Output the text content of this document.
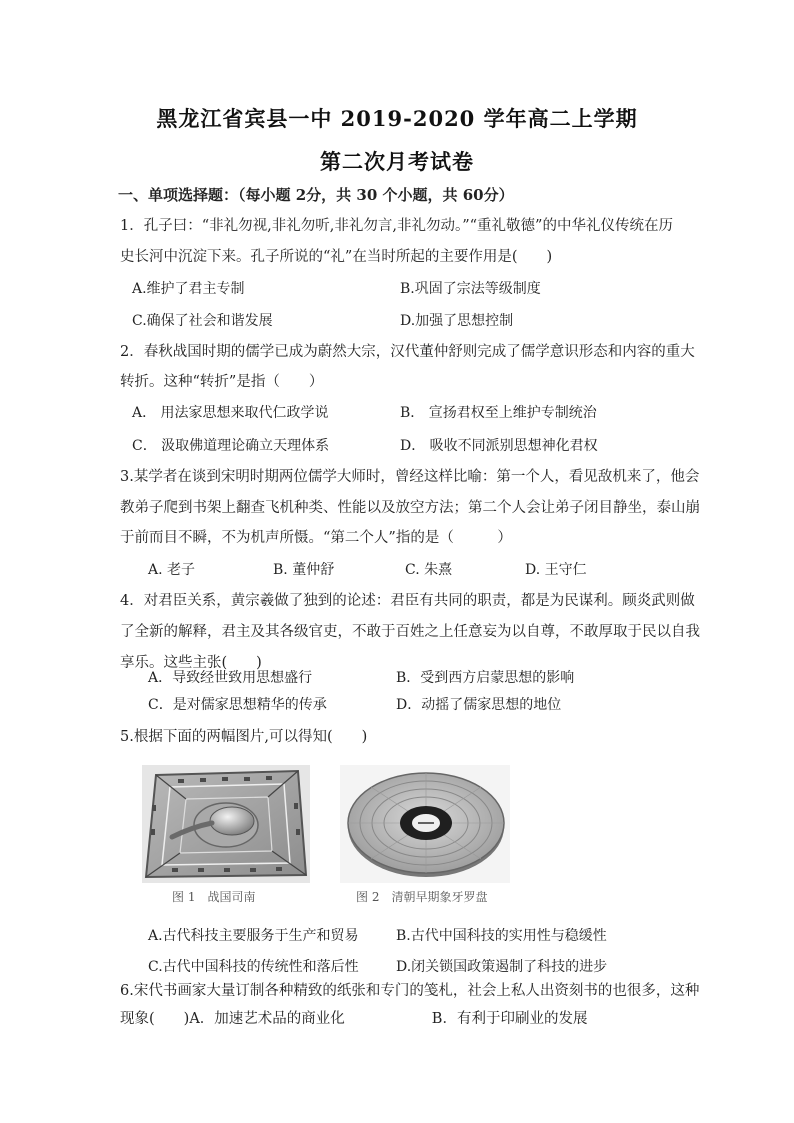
黑龙江省宾县一中 2019-2020 学年高二上学期
第二次月考试卷
一、单项选择题：（每小题 2分，共 30 个小题，共 60分）
1．孔子曰：“非礼勿视,非礼勿听,非礼勿言,非礼勿动。”“重礼敬德”的中华礼仪传统在历
史长河中沉淀下来。孔子所说的“礼”在当时所起的主要作用是(　　)
A.维护了君主专制	B.巩固了宗法等级制度
C.确保了社会和谐发展	D.加强了思想控制
2．春秋战国时期的儒学已成为蔚然大宗，汉代董仲舒则完成了儒学意识形态和内容的重大
转折。这种“转折”是指（　　）
A． 用法家思想来取代仁政学说	B． 宣扬君权至上维护专制统治
C． 汲取佛道理论确立天理体系	D． 吸收不同派别思想神化君权
3.某学者在谈到宋明时期两位儒学大师时，曾经这样比喻：第一个人，看见敌机来了，他会
教弟子爬到书架上翻查飞机种类、性能以及放空方法；第二个人会让弟子闭目静坐，泰山崩
于前而目不瞬，不为机声所慑。“第二个人”指的是（　　　）
A. 老子	B. 董仲舒	C. 朱熹	D. 王守仁
4．对君臣关系，黄宗羲做了独到的论述：君臣有共同的职责，都是为民谋利。顾炎武则做
了全新的解释，君主及其各级官吏，不敢于百姓之上任意妄为以自尊，不敢厚取于民以自我
享乐。这些主张(　　)
A．导致经世致用思想盛行	B．受到西方启蒙思想的影响
C．是对儒家思想精华的传承	D．动摇了儒家思想的地位
5.根据下面的两幅图片,可以得知(　　)
图 1　战国司南	图 2　清朝早期象牙罗盘
A.古代科技主要服务于生产和贸易	B.古代中国科技的实用性与稳缓性
C.古代中国科技的传统性和落后性	D.闭关锁国政策遏制了科技的进步
6.宋代书画家大量订制各种精致的纸张和专门的笺札，社会上私人出资刻书的也很多，这种
现象(　　)A．加速艺术品的商业化　　　　　　B．有利于印刷业的发展
